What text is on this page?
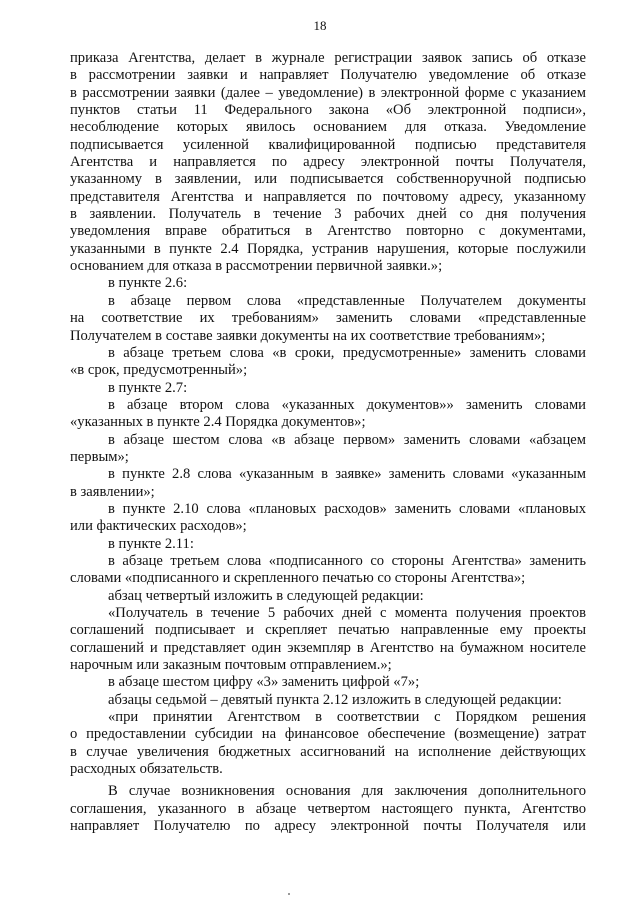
18
приказа Агентства, делает в журнале регистрации заявок запись об отказе
в рассмотрении заявки и направляет Получателю уведомление об отказе
в рассмотрении заявки (далее – уведомление) в электронной форме с указанием
пунктов статьи 11 Федерального закона «Об электронной подписи»,
несоблюдение которых явилось основанием для отказа. Уведомление
подписывается усиленной квалифицированной подписью представителя
Агентства и направляется по адресу электронной почты Получателя,
указанному в заявлении, или подписывается собственноручной подписью
представителя Агентства и направляется по почтовому адресу, указанному
в заявлении. Получатель в течение 3 рабочих дней со дня получения
уведомления вправе обратиться в Агентство повторно с документами,
указанными в пункте 2.4 Порядка, устранив нарушения, которые послужили
основанием для отказа в рассмотрении первичной заявки.»;
в пункте 2.6:
в абзаце первом слова «представленные Получателем документы
на соответствие их требованиям» заменить словами «представленные
Получателем в составе заявки документы на их соответствие требованиям»;
в абзаце третьем слова «в сроки, предусмотренные» заменить словами
«в срок, предусмотренный»;
в пункте 2.7:
в абзаце втором слова «указанных документов»» заменить словами
«указанных в пункте 2.4 Порядка документов»;
в абзаце шестом слова «в абзаце первом» заменить словами «абзацем
первым»;
в пункте 2.8 слова «указанным в заявке» заменить словами «указанным
в заявлении»;
в пункте 2.10 слова «плановых расходов» заменить словами «плановых
или фактических расходов»;
в пункте 2.11:
в абзаце третьем слова «подписанного со стороны Агентства» заменить
словами «подписанного и скрепленного печатью со стороны Агентства»;
абзац четвертый изложить в следующей редакции:
«Получатель в течение 5 рабочих дней с момента получения проектов
соглашений подписывает и скрепляет печатью направленные ему проекты
соглашений и представляет один экземпляр в Агентство на бумажном носителе
нарочным или заказным почтовым отправлением.»;
в абзаце шестом цифру «3» заменить цифрой «7»;
абзацы седьмой – девятый пункта 2.12 изложить в следующей редакции:
«при принятии Агентством в соответствии с Порядком решения
о предоставлении субсидии на финансовое обеспечение (возмещение) затрат
в случае увеличения бюджетных ассигнований на исполнение действующих
расходных обязательств.
В случае возникновения основания для заключения дополнительного
соглашения, указанного в абзаце четвертом настоящего пункта, Агентство
направляет Получателю по адресу электронной почты Получателя или
